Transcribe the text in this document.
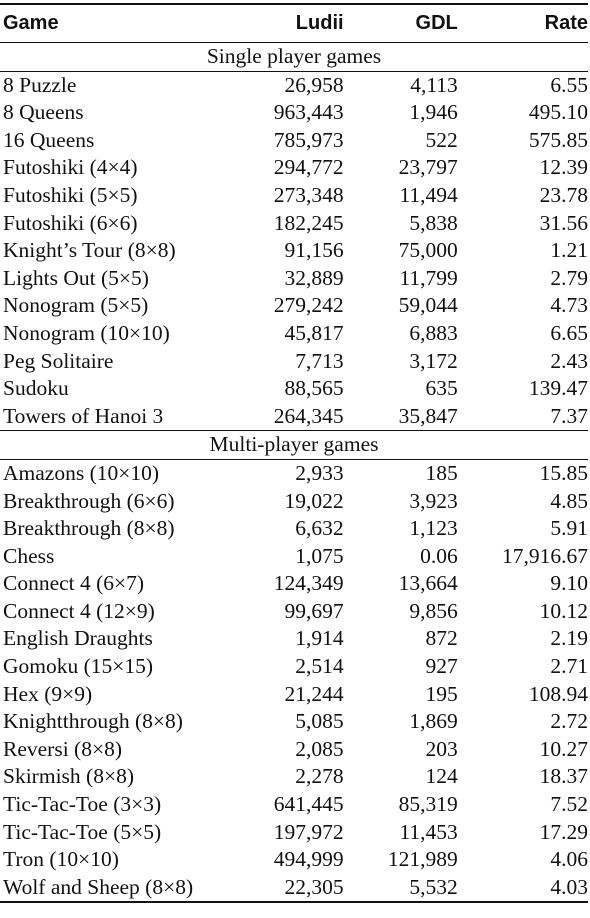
Game	Ludii	GDL	Rate
Single player games			
8 Puzzle	26,958	4,113	6.55
8 Queens	963,443	1,946	495.10
16 Queens	785,973	522	575.85
Futoshiki (4×4)	294,772	23,797	12.39
Futoshiki (5×5)	273,348	11,494	23.78
Futoshiki (6×6)	182,245	5,838	31.56
Knight’s Tour (8×8)	91,156	75,000	1.21
Lights Out (5×5)	32,889	11,799	2.79
Nonogram (5×5)	279,242	59,044	4.73
Nonogram (10×10)	45,817	6,883	6.65
Peg Solitaire	7,713	3,172	2.43
Sudoku	88,565	635	139.47
Towers of Hanoi 3	264,345	35,847	7.37
Multi-player games			
Amazons (10×10)	2,933	185	15.85
Breakthrough (6×6)	19,022	3,923	4.85
Breakthrough (8×8)	6,632	1,123	5.91
Chess	1,075	0.06	17,916.67
Connect 4 (6×7)	124,349	13,664	9.10
Connect 4 (12×9)	99,697	9,856	10.12
English Draughts	1,914	872	2.19
Gomoku (15×15)	2,514	927	2.71
Hex (9×9)	21,244	195	108.94
Knightthrough (8×8)	5,085	1,869	2.72
Reversi (8×8)	2,085	203	10.27
Skirmish (8×8)	2,278	124	18.37
Tic-Tac-Toe (3×3)	641,445	85,319	7.52
Tic-Tac-Toe (5×5)	197,972	11,453	17.29
Tron (10×10)	494,999	121,989	4.06
Wolf and Sheep (8×8)	22,305	5,532	4.03
